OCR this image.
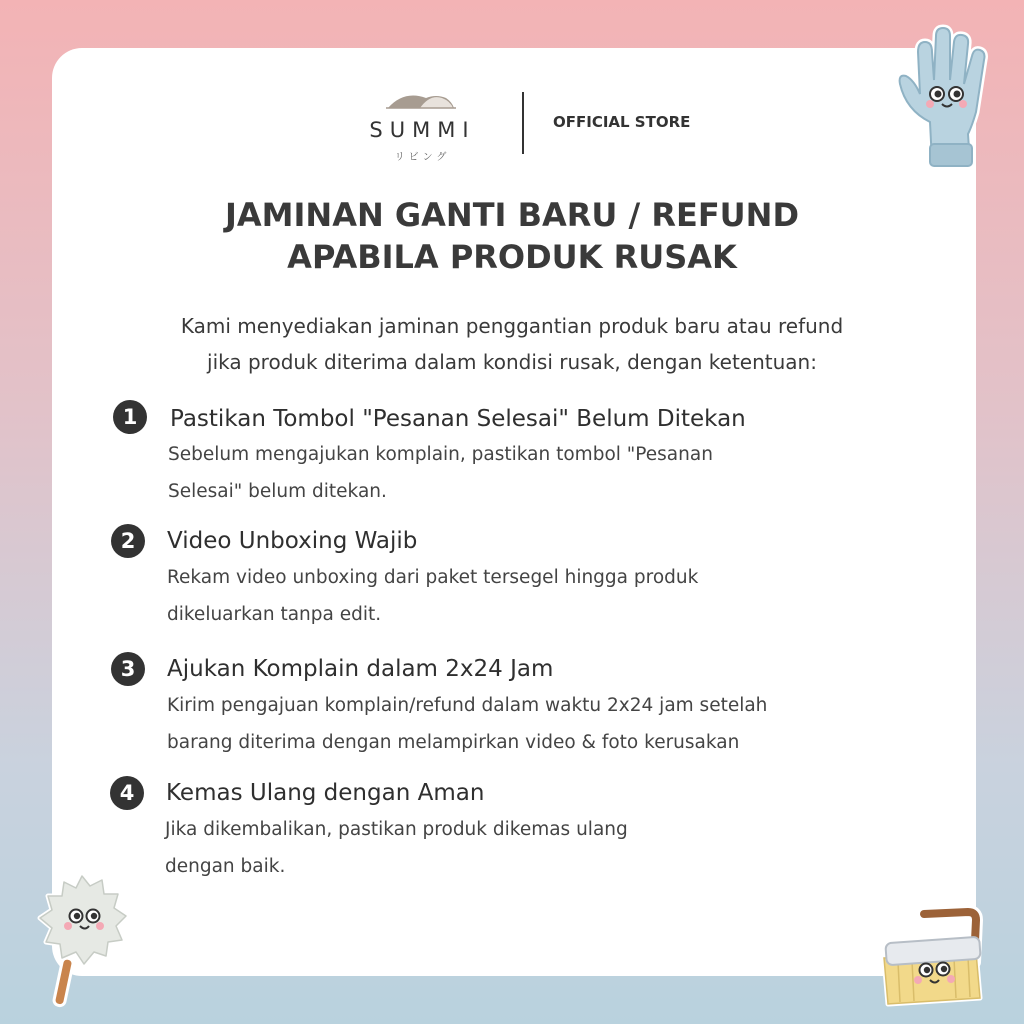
SUMMI
リビング
OFFICIAL STORE
JAMINAN GANTI BARU / REFUND
APABILA PRODUK RUSAK
Kami menyediakan jaminan penggantian produk baru atau refund
jika produk diterima dalam kondisi rusak, dengan ketentuan:
1	Pastikan Tombol "Pesanan Selesai" Belum Ditekan
Sebelum mengajukan komplain, pastikan tombol "Pesanan
Selesai" belum ditekan.
2	Video Unboxing Wajib
Rekam video unboxing dari paket tersegel hingga produk
dikeluarkan tanpa edit.
3	Ajukan Komplain dalam 2x24 Jam
Kirim pengajuan komplain/refund dalam waktu 2x24 jam setelah
barang diterima dengan melampirkan video & foto kerusakan
4	Kemas Ulang dengan Aman
Jika dikembalikan, pastikan produk dikemas ulang
dengan baik.
